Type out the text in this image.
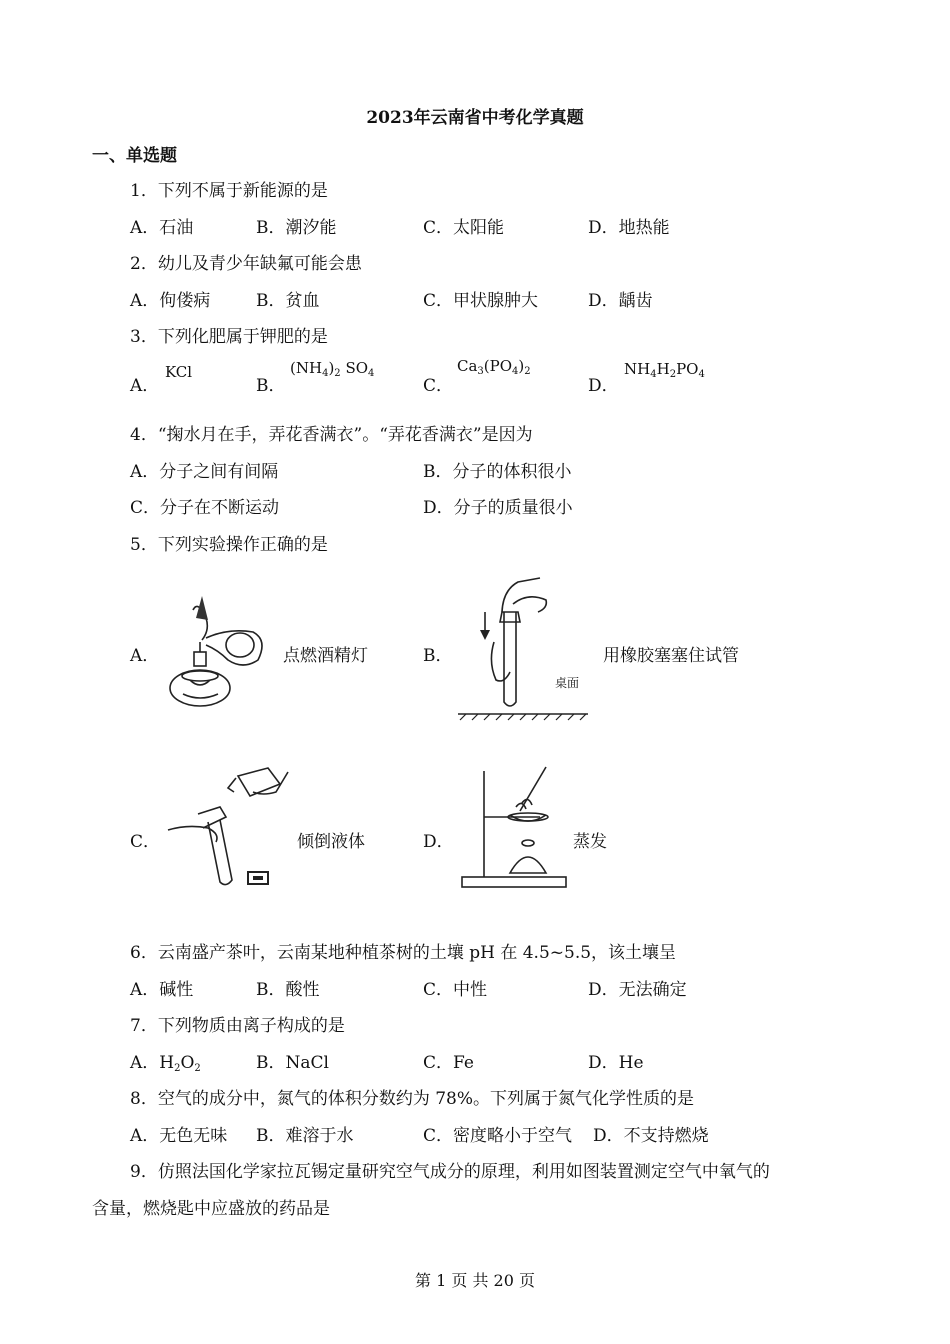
2023年云南省中考化学真题
一、单选题
1．下列不属于新能源的是
A．石油	B．潮汐能	C．太阳能	D．地热能
2．幼儿及青少年缺氟可能会患
A．佝偻病	B．贫血	C．甲状腺肿大	D．龋齿
3．下列化肥属于钾肥的是
A．
KCl
B．
$(NH_4)_2$ $SO_4$
C．
$Ca_3(PO_4)_2$
D．
$NH_4H_2PO_4$
4．“掬水月在手，弄花香满衣”。“弄花香满衣”是因为
A．分子之间有间隔	B．分子的体积很小
C．分子在不断运动	D．分子的质量很小
5．下列实验操作正确的是
A．	点燃酒精灯	B．
桌面
用橡胶塞塞住试管
C．	倾倒液体	D．	蒸发
6．云南盛产茶叶，云南某地种植茶树的土壤 pH 在 4.5~5.5，该土壤呈
A．碱性	B．酸性	C．中性	D．无法确定
7．下列物质由离子构成的是
A．$H_2O_2$	B．NaCl	C．Fe	D．He
8．空气的成分中，氮气的体积分数约为 78%。下列属于氮气化学性质的是
A．无色无味 B．难溶于水	C．密度略小于空气 D．不支持燃烧
9．仿照法国化学家拉瓦锡定量研究空气成分的原理，利用如图装置测定空气中氧气的
含量，燃烧匙中应盛放的药品是
第 1 页 共 20 页
